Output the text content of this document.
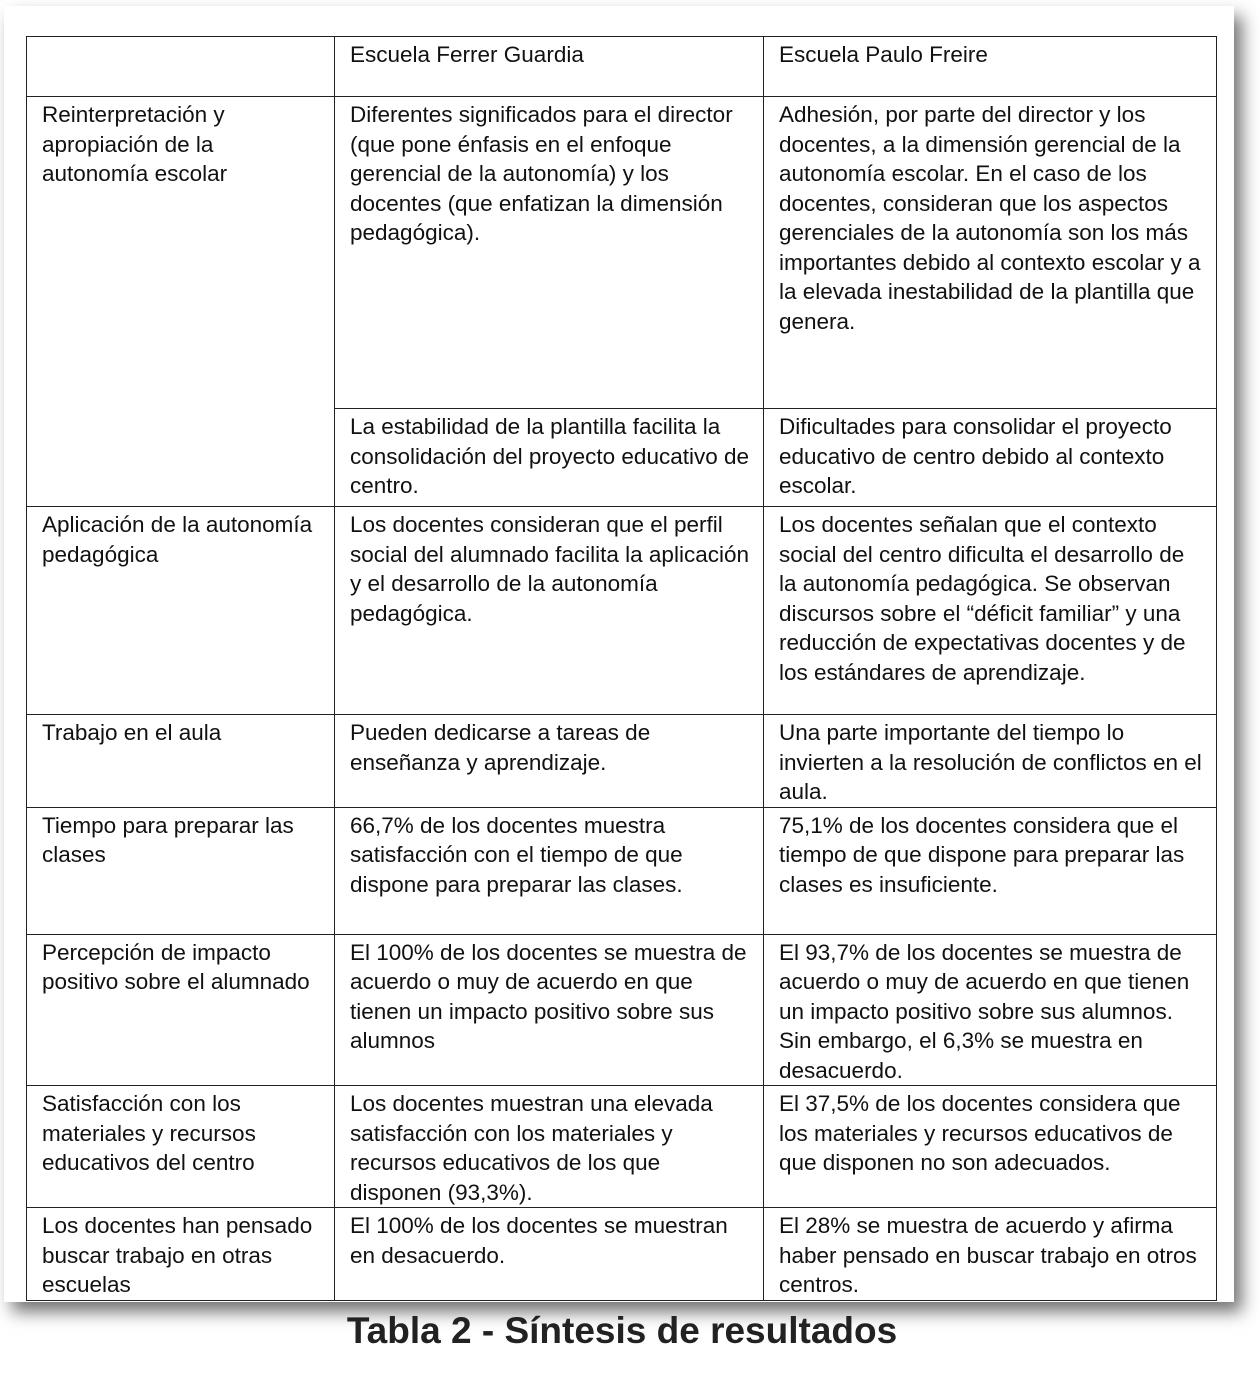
	Escuela Ferrer Guardia	Escuela Paulo Freire
Reinterpretación y apropiación de la autonomía escolar	Diferentes significados para el director (que pone énfasis en el enfoque gerencial de la autonomía) y los docentes (que enfatizan la dimensión pedagógica).	Adhesión, por parte del director y los docentes, a la dimensión gerencial de la autonomía escolar. En el caso de los docentes, consideran que los aspectos gerenciales de la autonomía son los más importantes debido al contexto escolar y a la elevada inestabilidad de la plantilla que genera.
	La estabilidad de la plantilla facilita la consolidación del proyecto educativo de centro.	Dificultades para consolidar el proyecto educativo de centro debido al contexto escolar.
Aplicación de la autonomía pedagógica	Los docentes consideran que el perfil social del alumnado facilita la aplicación y el desarrollo de la autonomía pedagógica.	Los docentes señalan que el contexto social del centro dificulta el desarrollo de la autonomía pedagógica. Se observan discursos sobre el “déficit familiar” y una reducción de expectativas docentes y de los estándares de aprendizaje.
Trabajo en el aula	Pueden dedicarse a tareas de enseñanza y aprendizaje.	Una parte importante del tiempo lo invierten a la resolución de conflictos en el aula.
Tiempo para preparar las clases	66,7% de los docentes muestra satisfacción con el tiempo de que dispone para preparar las clases.	75,1% de los docentes considera que el tiempo de que dispone para preparar las clases es insuficiente.
Percepción de impacto positivo sobre el alumnado	El 100% de los docentes se muestra de acuerdo o muy de acuerdo en que tienen un impacto positivo sobre sus alumnos	El 93,7% de los docentes se muestra de acuerdo o muy de acuerdo en que tienen un impacto positivo sobre sus alumnos. Sin embargo, el 6,3% se muestra en desacuerdo.
Satisfacción con los materiales y recursos educativos del centro	Los docentes muestran una elevada satisfacción con los materiales y recursos educativos de los que disponen (93,3%).	El 37,5% de los docentes considera que los materiales y recursos educativos de que disponen no son adecuados.
Los docentes han pensado buscar trabajo en otras escuelas	El 100% de los docentes se muestran en desacuerdo.	El 28% se muestra de acuerdo y afirma haber pensado en buscar trabajo en otros centros.
Tabla 2 - Síntesis de resultados
